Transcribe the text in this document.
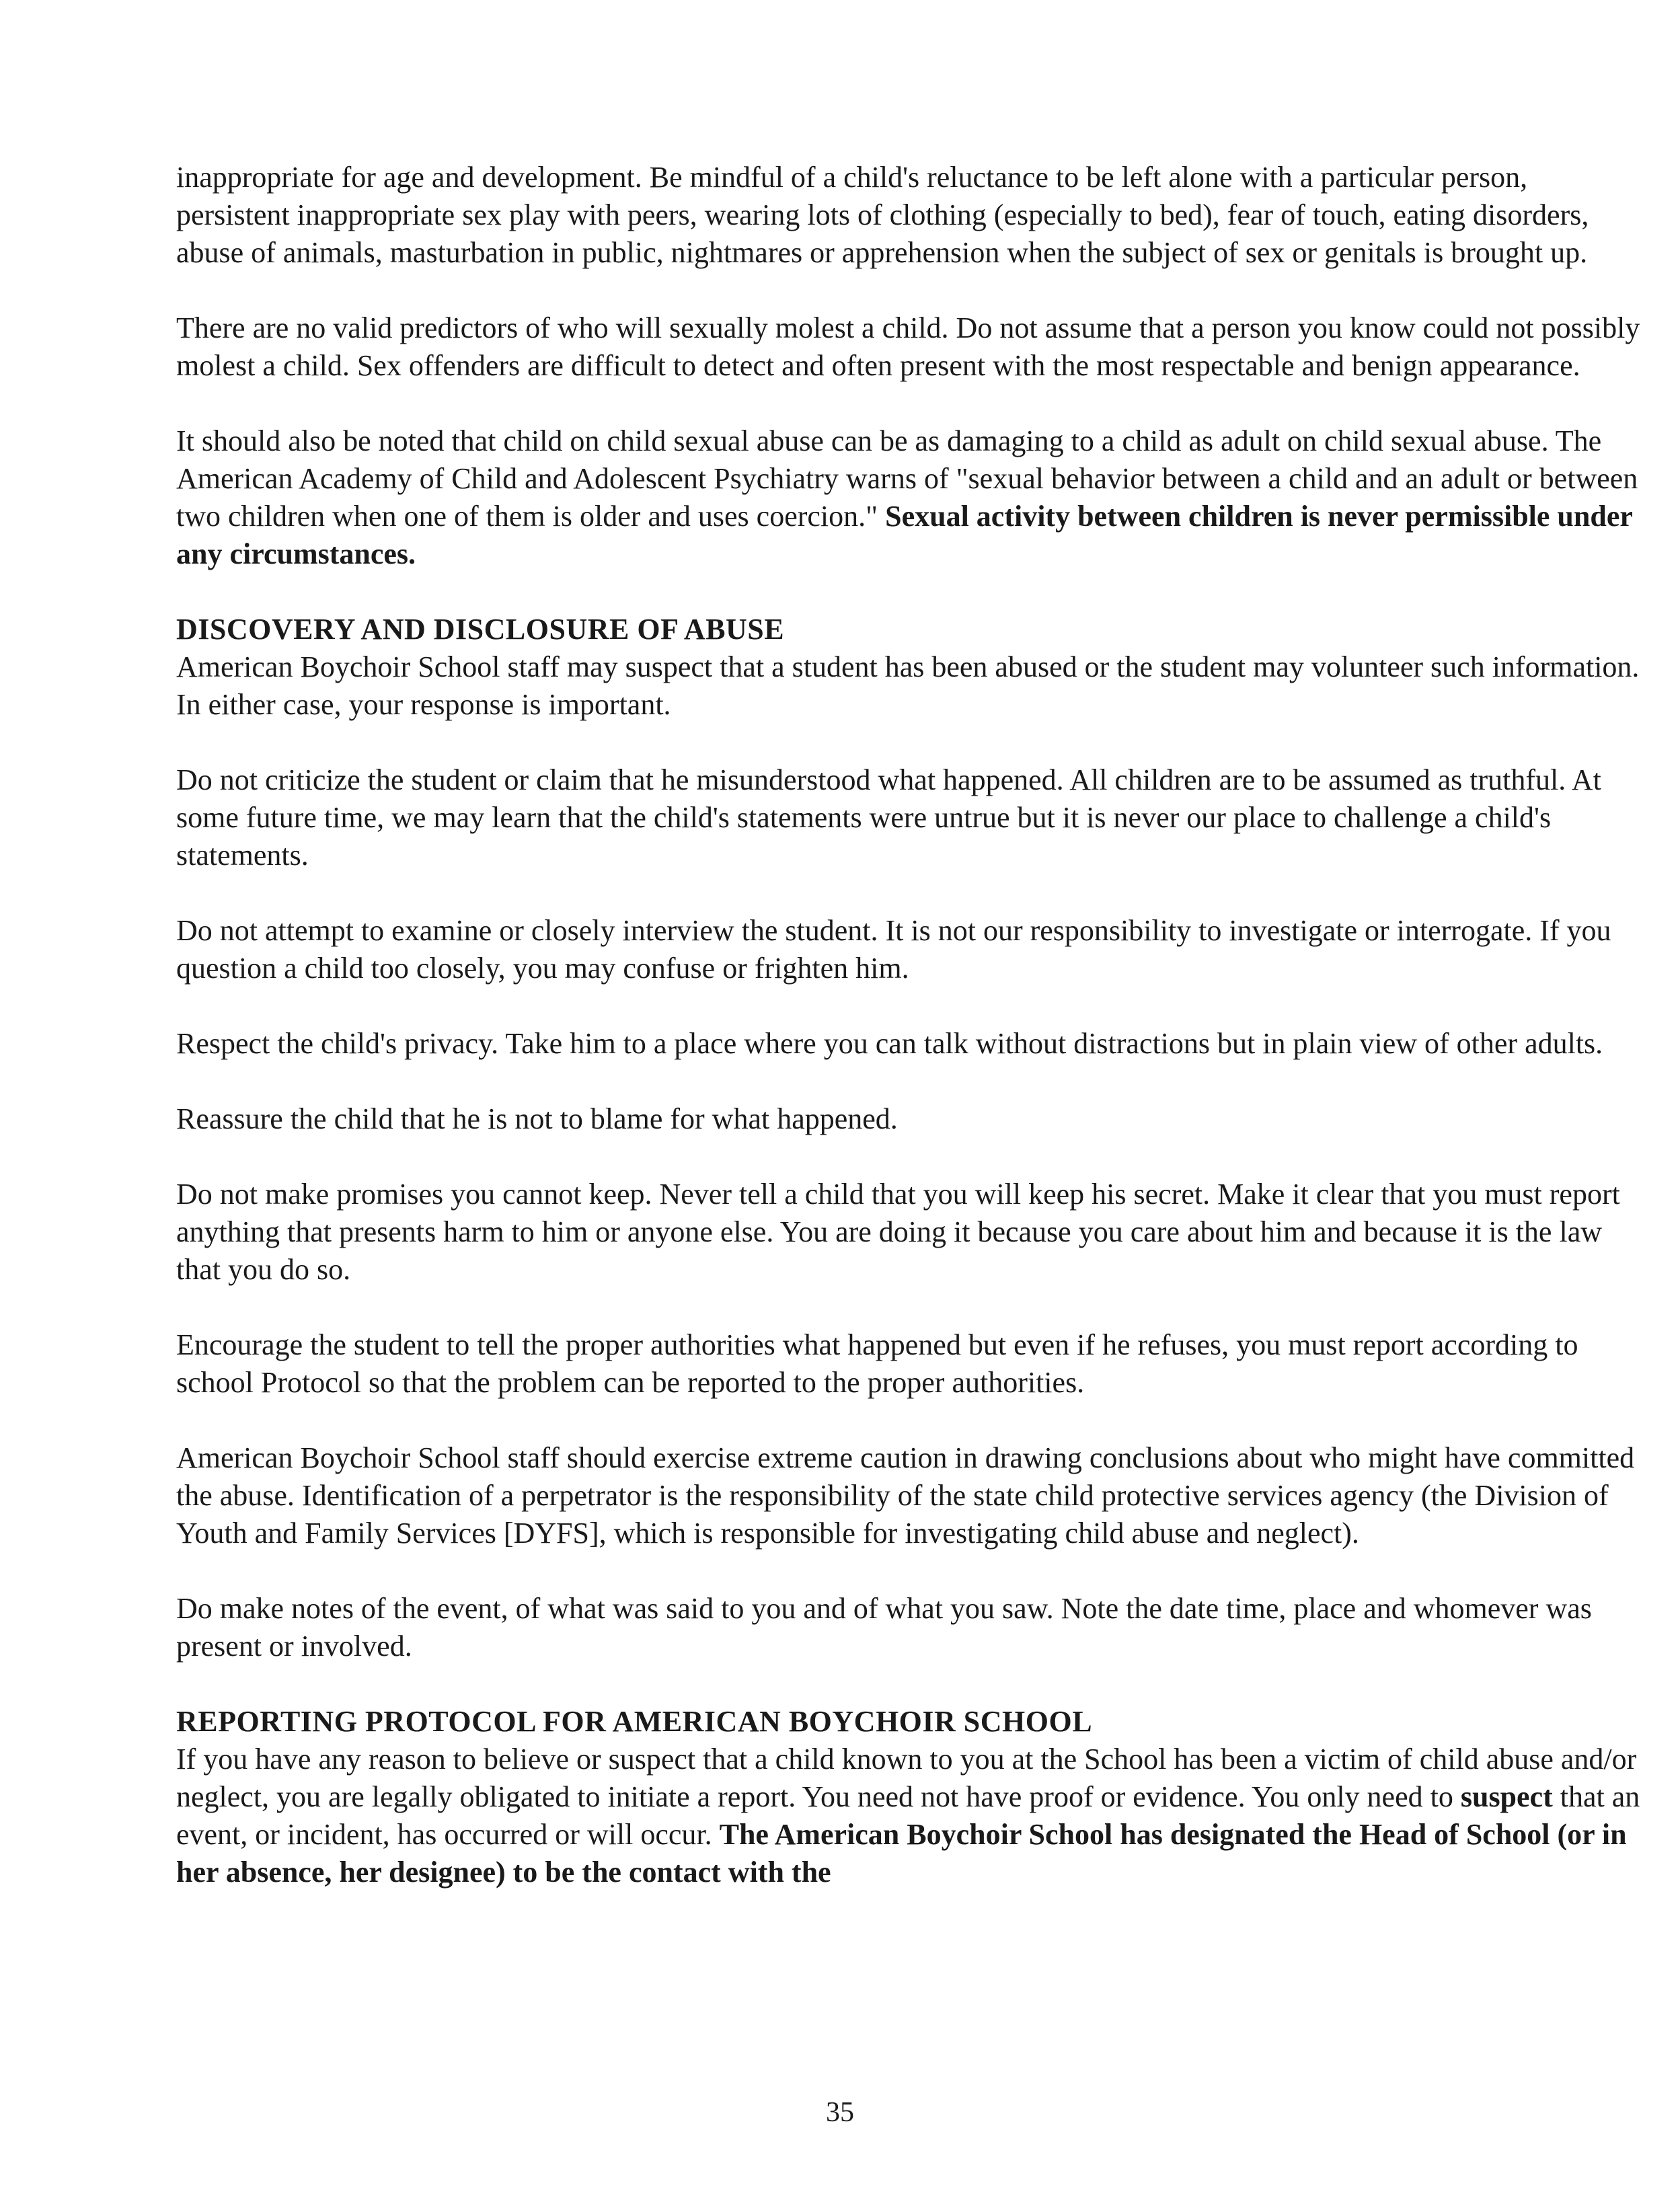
inappropriate for age and development. Be mindful of a child's reluctance to be left alone with a particular person, persistent inappropriate sex play with peers, wearing lots of clothing (especially to bed), fear of touch, eating disorders, abuse of animals, masturbation in public, nightmares or apprehension when the subject of sex or genitals is brought up.

There are no valid predictors of who will sexually molest a child. Do not assume that a person you know could not possibly molest a child. Sex offenders are difficult to detect and often present with the most respectable and benign appearance.

It should also be noted that child on child sexual abuse can be as damaging to a child as adult on child sexual abuse. The American Academy of Child and Adolescent Psychiatry warns of "sexual behavior between a child and an adult or between two children when one of them is older and uses coercion." Sexual activity between children is never permissible under any circumstances.

DISCOVERY AND DISCLOSURE OF ABUSE

American Boychoir School staff may suspect that a student has been abused or the student may volunteer such information. In either case, your response is important.

Do not criticize the student or claim that he misunderstood what happened. All children are to be assumed as truthful. At some future time, we may learn that the child's statements were untrue but it is never our place to challenge a child's statements.

Do not attempt to examine or closely interview the student. It is not our responsibility to investigate or interrogate. If you question a child too closely, you may confuse or frighten him.

Respect the child's privacy. Take him to a place where you can talk without distractions but in plain view of other adults.

Reassure the child that he is not to blame for what happened.

Do not make promises you cannot keep. Never tell a child that you will keep his secret. Make it clear that you must report anything that presents harm to him or anyone else. You are doing it because you care about him and because it is the law that you do so.

Encourage the student to tell the proper authorities what happened but even if he refuses, you must report according to school Protocol so that the problem can be reported to the proper authorities.

American Boychoir School staff should exercise extreme caution in drawing conclusions about who might have committed the abuse. Identification of a perpetrator is the responsibility of the state child protective services agency (the Division of Youth and Family Services [DYFS], which is responsible for investigating child abuse and neglect).

Do make notes of the event, of what was said to you and of what you saw. Note the date time, place and whomever was present or involved.

REPORTING PROTOCOL FOR AMERICAN BOYCHOIR SCHOOL

If you have any reason to believe or suspect that a child known to you at the School has been a victim of child abuse and/or neglect, you are legally obligated to initiate a report. You need not have proof or evidence. You only need to suspect that an event, or incident, has occurred or will occur. The American Boychoir School has designated the Head of School (or in her absence, her designee) to be the contact with the

35
